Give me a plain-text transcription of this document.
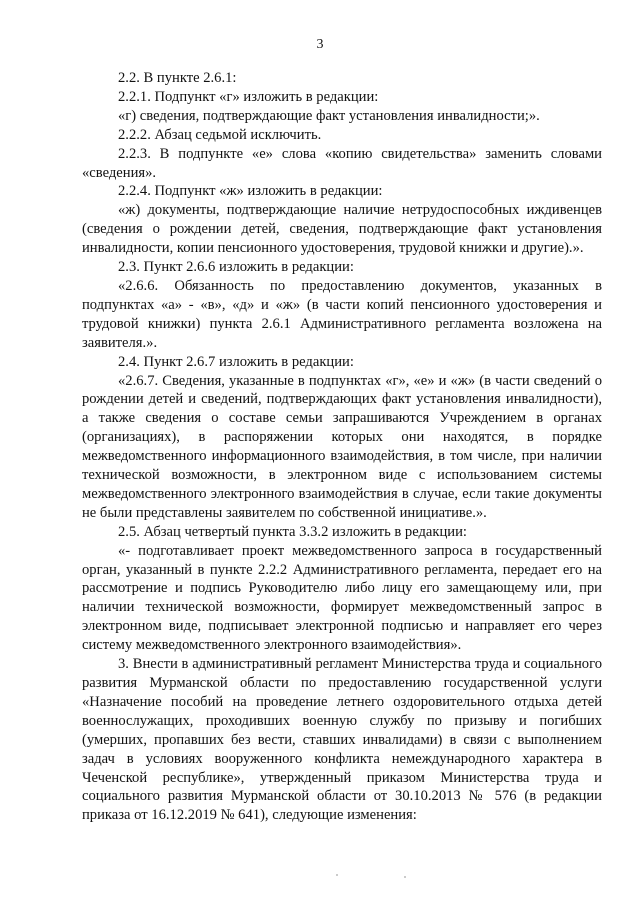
3

2.2. В пункте 2.6.1:

2.2.1. Подпункт «г» изложить в редакции:

«г) сведения, подтверждающие факт установления инвалидности;».

2.2.2. Абзац седьмой исключить.

2.2.3. В подпункте «е» слова «копию свидетельства» заменить словами «сведения».

2.2.4. Подпункт «ж» изложить в редакции:

«ж) документы, подтверждающие наличие нетрудоспособных иждивенцев (сведения о рождении детей, сведения, подтверждающие факт установления инвалидности, копии пенсионного удостоверения, трудовой книжки и другие).».

2.3. Пункт 2.6.6 изложить в редакции:

«2.6.6. Обязанность по предоставлению документов, указанных в подпунктах «а» - «в», «д» и «ж» (в части копий пенсионного удостоверения и трудовой книжки) пункта 2.6.1 Административного регламента возложена на заявителя.».

2.4. Пункт 2.6.7 изложить в редакции:

«2.6.7. Сведения, указанные в подпунктах «г», «е» и «ж» (в части сведений о рождении детей и сведений, подтверждающих факт установления инвалидности), а также сведения о составе семьи запрашиваются Учреждением в органах (организациях), в распоряжении которых они находятся, в порядке межведомственного информационного взаимодействия, в том числе, при наличии технической возможности, в электронном виде с использованием системы межведомственного электронного взаимодействия в случае, если такие документы не были представлены заявителем по собственной инициативе.».

2.5. Абзац четвертый пункта 3.3.2 изложить в редакции:

«- подготавливает проект межведомственного запроса в государственный орган, указанный в пункте 2.2.2 Административного регламента, передает его на рассмотрение и подпись Руководителю либо лицу его замещающему или, при наличии технической возможности, формирует межведомственный запрос в электронном виде, подписывает электронной подписью и направляет его через систему межведомственного электронного взаимодействия».

3. Внести в административный регламент Министерства труда и социального развития Мурманской области по предоставлению государственной услуги «Назначение пособий на проведение летнего оздоровительного отдыха детей военнослужащих, проходивших военную службу по призыву и погибших (умерших, пропавших без вести, ставших инвалидами) в связи с выполнением задач в условиях вооруженного конфликта немеждународного характера в Чеченской республике», утвержденный приказом Министерства труда и социального развития Мурманской области от 30.10.2013 № 576 (в редакции приказа от 16.12.2019 № 641), следующие изменения:
